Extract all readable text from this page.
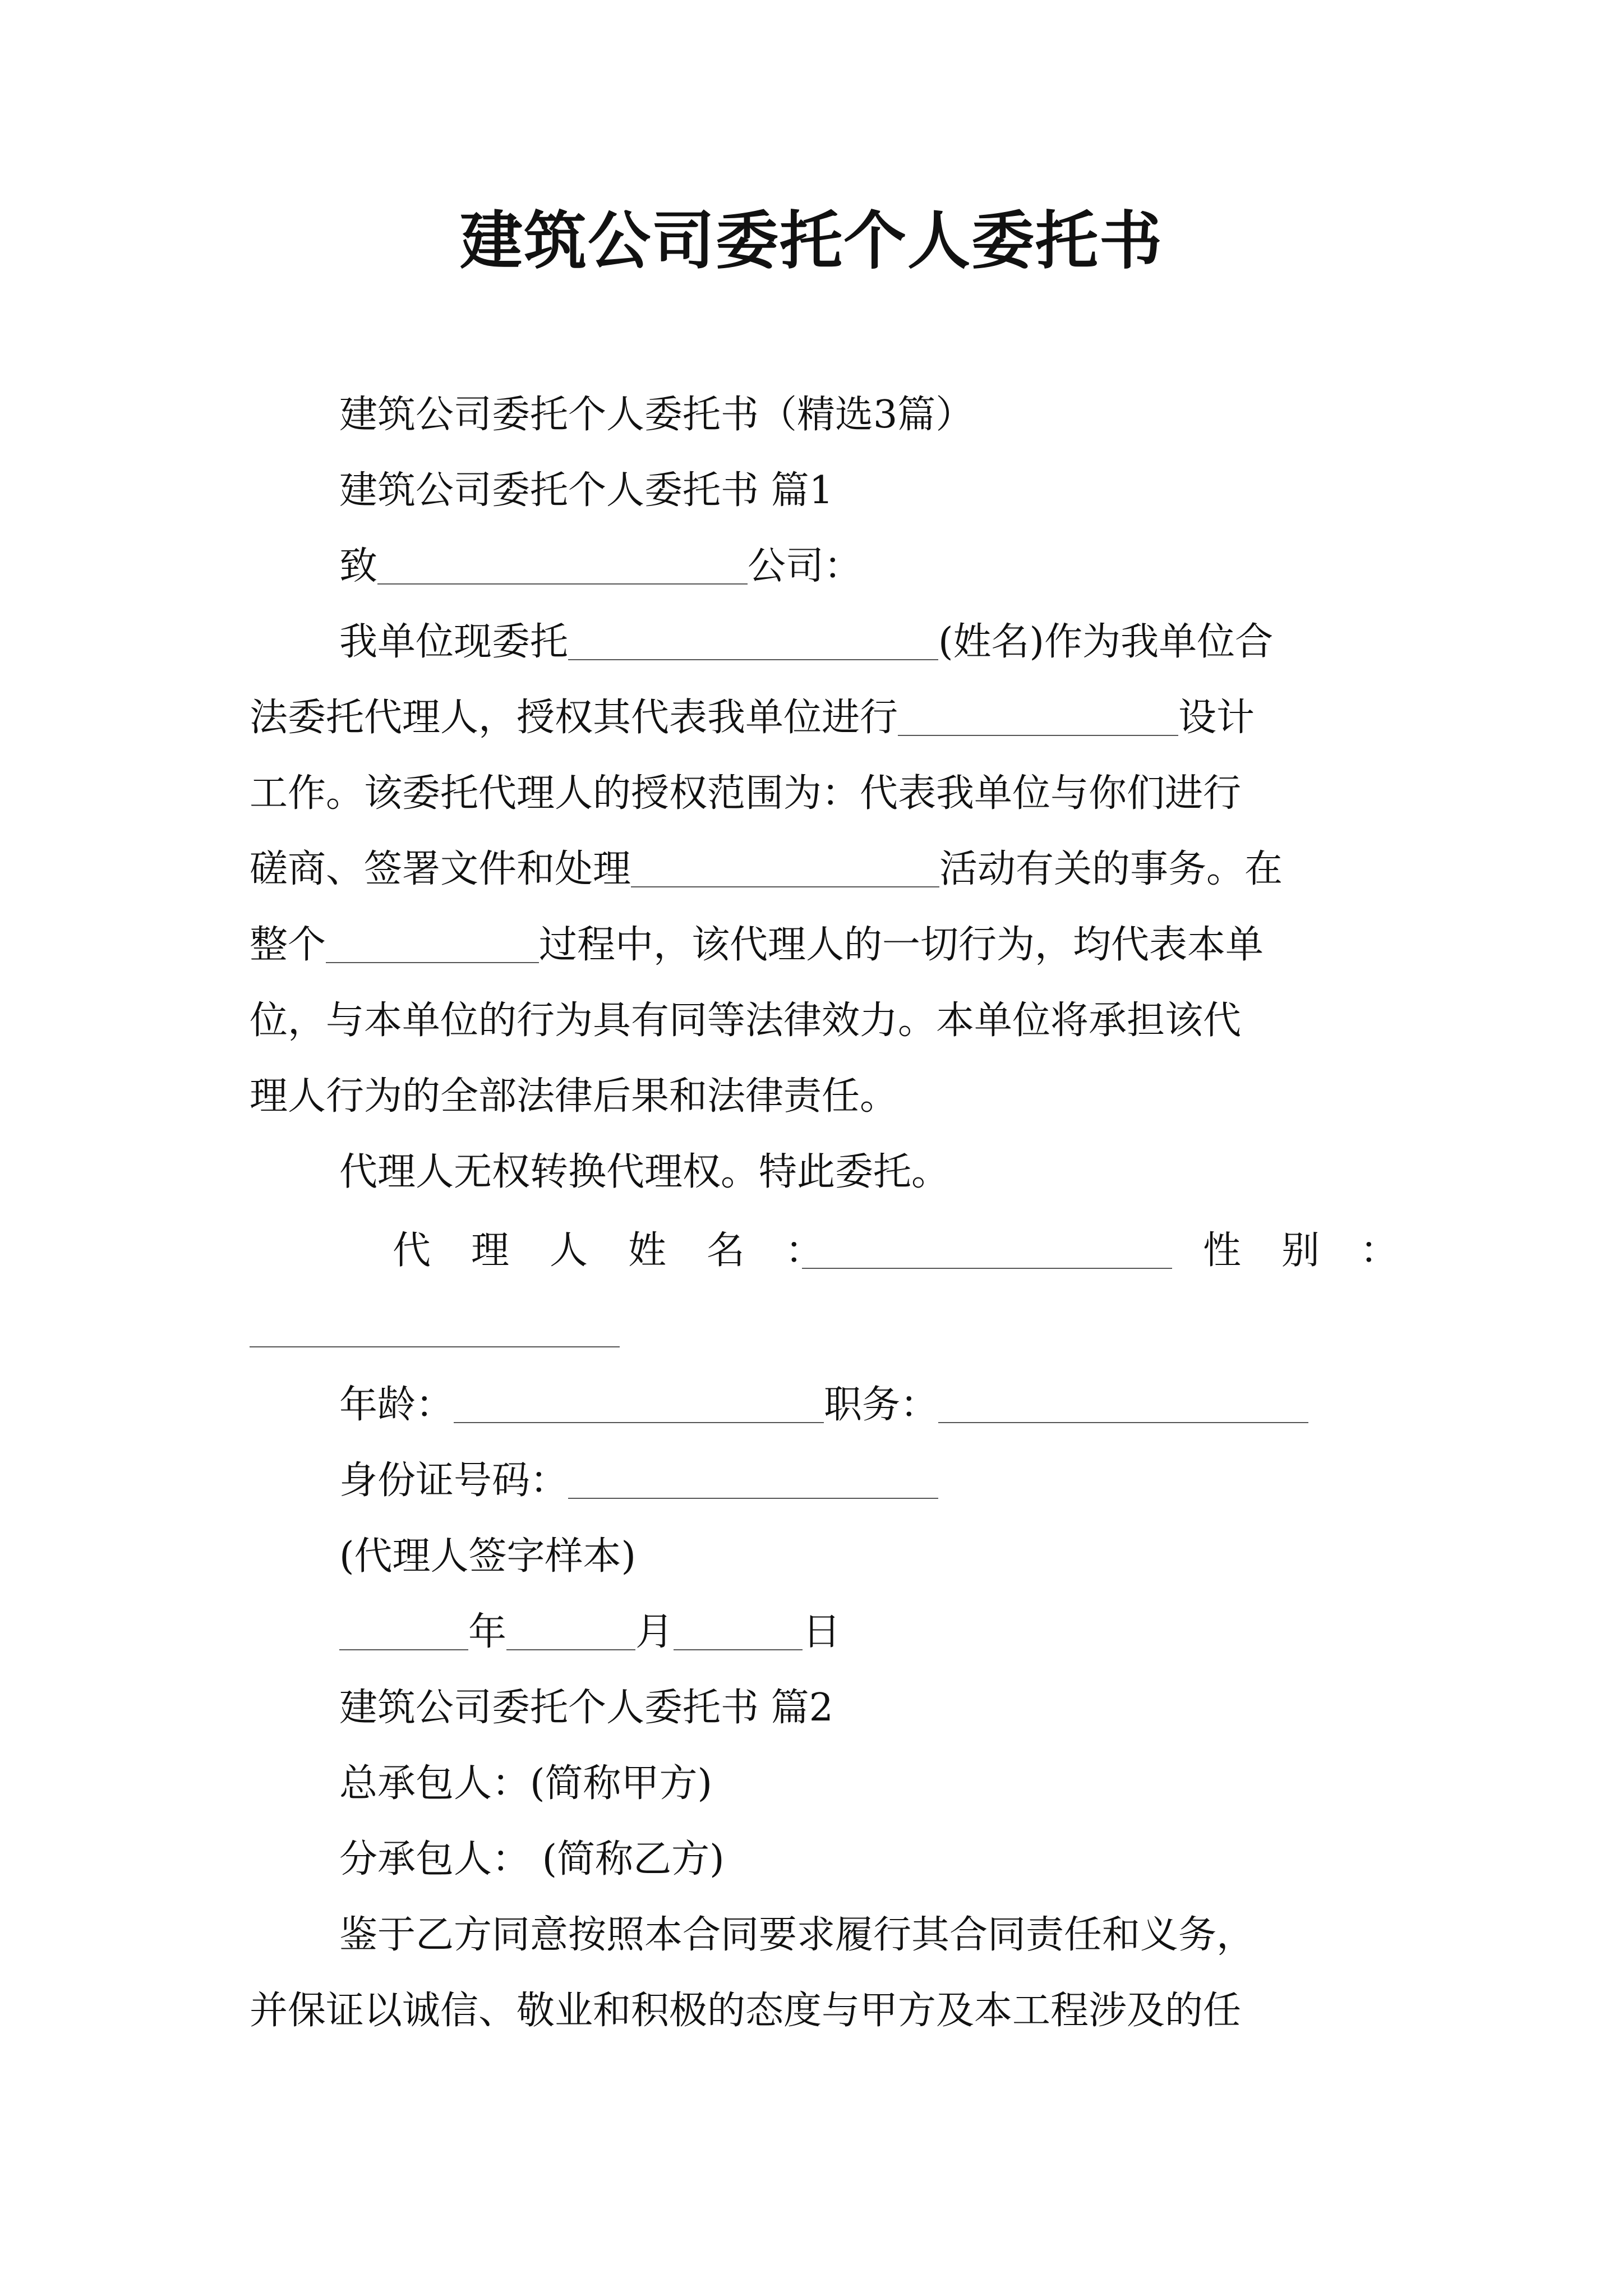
建筑公司委托个人委托书
建筑公司委托个人委托书（精选3篇）
建筑公司委托个人委托书 篇1
致	公司：
我单位现委托	(姓名)作为我单位合
法委托代理人，授权其代表我单位进行	设计
工作。该委托代理人的授权范围为：代表我单位与你们进行
磋商、签署文件和处理	活动有关的事务。在
整个	过程中，该代理人的一切行为，均代表本单
位，与本单位的行为具有同等法律效力。本单位将承担该代
理人行为的全部法律后果和法律责任。
代理人无权转换代理权。特此委托。
代理人姓名：	性别：
年龄：	职务：
身份证号码：
(代理人签字样本)
年	月	日
建筑公司委托个人委托书 篇2
总承包人：(简称甲方)
分承包人： (简称乙方)
鉴于乙方同意按照本合同要求履行其合同责任和义务，
并保证以诚信、敬业和积极的态度与甲方及本工程涉及的任
